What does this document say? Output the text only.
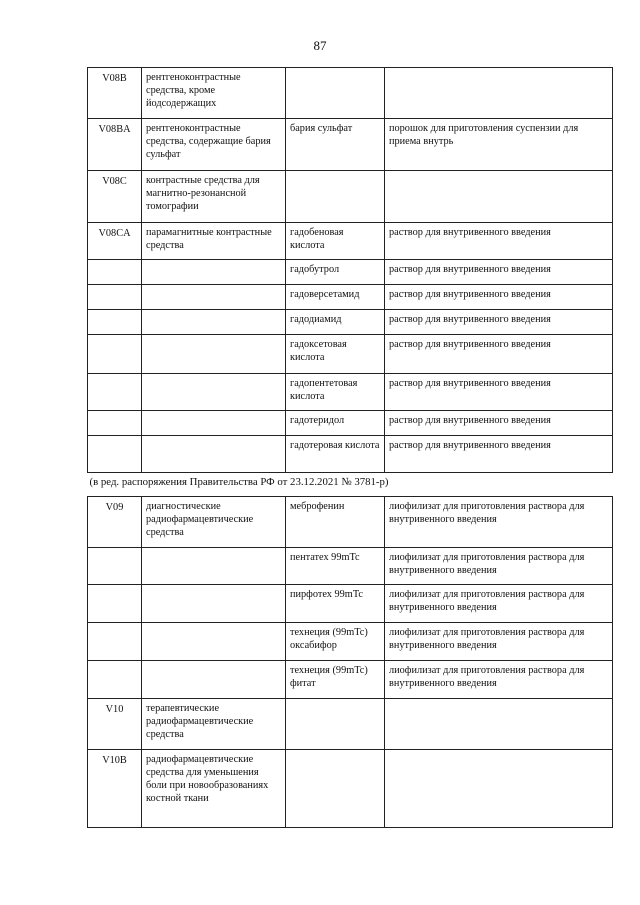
87
V08B	рентгеноконтрастные средства, кроме йодсодержащих		
V08BA	рентгеноконтрастные средства, содержащие бария сульфат	бария сульфат	порошок для приготовления суспензии для приема внутрь
V08C	контрастные средства для магнитно-резонансной томографии		
V08CA	парамагнитные контрастные средства	гадобеновая кислота	раствор для внутривенного введения
		гадобутрол	раствор для внутривенного введения
		гадоверсетамид	раствор для внутривенного введения
		гадодиамид	раствор для внутривенного введения
		гадоксетовая кислота	раствор для внутривенного введения
		гадопентетовая кислота	раствор для внутривенного введения
		гадотеридол	раствор для внутривенного введения
		гадотеровая кислота	раствор для внутривенного введения
(в ред. распоряжения Правительства РФ от 23.12.2021 № 3781-р)			
V09	диагностические радиофармацевтические средства	меброфенин	лиофилизат для приготовления раствора для внутривенного введения
		пентатех 99mTc	лиофилизат для приготовления раствора для внутривенного введения
		пирфотех 99mTc	лиофилизат для приготовления раствора для внутривенного введения
		технеция (99mTc) оксабифор	лиофилизат для приготовления раствора для внутривенного введения
		технеция (99mTc) фитат	лиофилизат для приготовления раствора для внутривенного введения
V10	терапевтические радиофармацевтические средства		
V10B	радиофармацевтические средства для уменьшения боли при новообразованиях костной ткани		
